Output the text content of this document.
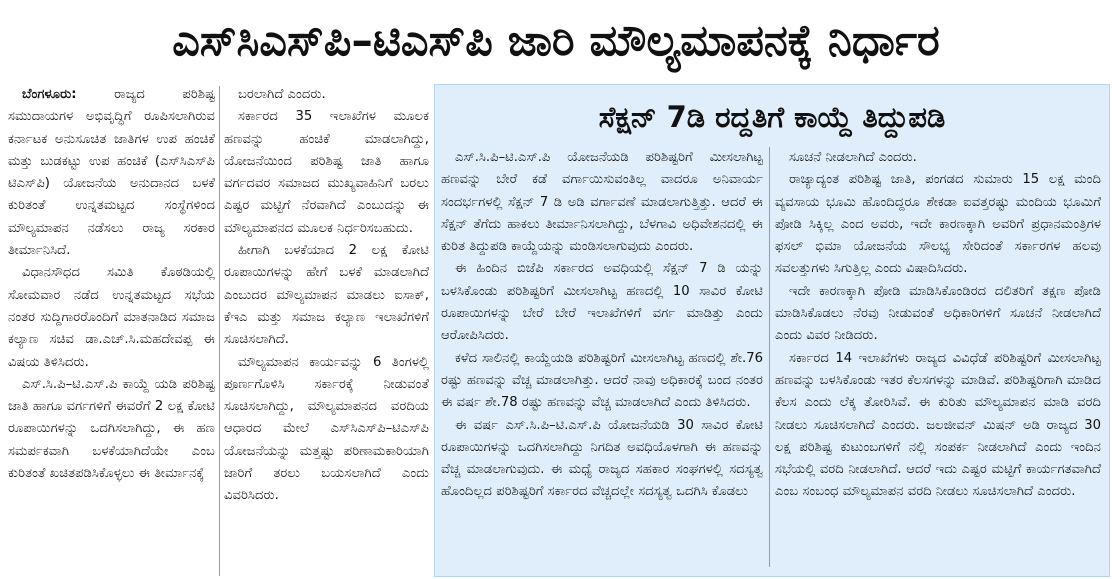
ಎಸ್‌ಸಿಎಸ್‌ಪಿ–ಟಿಎಸ್‌ಪಿ ಜಾರಿ ಮೌಲ್ಯಮಾಪನಕ್ಕೆ ನಿರ್ಧಾರ

ಬೆಂಗಳೂರು:	ರಾಜ್ಯದ ಪರಿಶಿಷ್ಟ ಸಮುದಾಯಗಳ ಅಭಿವೃದ್ಧಿಗೆ ರೂಪಿಸಲಾಗಿರುವ ಕರ್ನಾಟಕ ಅನುಸೂಚಿತ ಜಾತಿಗಳ ಉಪ ಹಂಚಿಕೆ ಮತ್ತು ಬುಡಕಟ್ಟು ಉಪ ಹಂಚಿಕೆ (ಎಸ್‌ಸಿಎಸ್‌ಪಿ ಟಿಎಸ್‌ಪಿ) ಯೋಜನೆಯ ಅನುದಾನದ ಬಳಕೆ ಕುರಿತಂತೆ ಉನ್ನತಮಟ್ಟದ ಸಂಸ್ಥೆಗಳಿಂದ ಮೌಲ್ಯಮಾಪನ ನಡೆಸಲು ರಾಜ್ಯ ಸರಕಾರ ತೀರ್ಮಾನಿಸಿದೆ.

ವಿಧಾನಸೌಧದ ಸಮಿತಿ ಕೊಠಡಿಯಲ್ಲಿ ಸೋಮವಾರ ನಡೆದ ಉನ್ನತಮಟ್ಟದ ಸಭೆಯ ನಂತರ ಸುದ್ದಿಗಾರರೊಂದಿಗೆ ಮಾತನಾಡಿದ ಸಮಾಜ ಕಲ್ಯಾಣ ಸಚಿವ ಡಾ.ಎಚ್.ಸಿ.ಮಹದೇವಪ್ಪ ಈ ವಿಷಯ ತಿಳಿಸಿದರು.

ಎಸ್.ಸಿ.ಪಿ–ಟಿ.ಎಸ್.ಪಿ ಕಾಯ್ದೆ ಯಡಿ ಪರಿಶಿಷ್ಟ ಜಾತಿ ಹಾಗೂ ವರ್ಗಗಳಿಗೆ ಈವರೆಗೆ 2 ಲಕ್ಷ ಕೋಟಿ ರೂಪಾಯಿಗಳನ್ನು ಒದಗಿಸಲಾಗಿದ್ದು, ಈ ಹಣ ಸಮರ್ಪಕವಾಗಿ ಬಳಕೆಯಾಗಿದೆಯೇ ಎಂಬ ಕುರಿತಂತೆ ಖಚಿತಪಡಿಸಿಕೊಳ್ಳಲು ಈ ತೀರ್ಮಾನಕ್ಕೆ

ಬರಲಾಗಿದೆ ಎಂದರು.

ಸರ್ಕಾರದ 35 ಇಲಾಖೆಗಳ ಮೂಲಕ ಹಣವನ್ನು ಹಂಚಿಕೆ ಮಾಡಲಾಗಿದ್ದು, ಯೋಜನೆಯಿಂದ ಪರಿಶಿಷ್ಟ ಜಾತಿ ಹಾಗೂ ವರ್ಗದವರ ಸಮಾಜದ ಮುಖ್ಯವಾಹಿನಿಗೆ ಬರಲು ಎಷ್ಟರ ಮಟ್ಟಿಗೆ ನೆರವಾಗಿದೆ ಎಂಬುದನ್ನು ಈ ಮೌಲ್ಯಮಾಪನದ ಮೂಲಕ ನಿರ್ಧರಿಸಬಹುದು.

ಹೀಗಾಗಿ ಬಳಕೆಯಾದ 2 ಲಕ್ಷ ಕೋಟಿ ರೂಪಾಯಿಗಳನ್ನು ಹೇಗೆ ಬಳಕೆ ಮಾಡಲಾಗಿದೆ ಎಂಬುದರ ಮೌಲ್ಯಮಾಪನ ಮಾಡಲು ಐಸಾಕ್, ಕೆಇಎ ಮತ್ತು ಸಮಾಜ ಕಲ್ಯಾಣ ಇಲಾಖೆಗಳಿಗೆ ಸೂಚಿಸಲಾಗಿದೆ.

ಮೌಲ್ಯಮಾಪನ ಕಾರ್ಯವನ್ನು 6 ತಿಂಗಳಲ್ಲಿ ಪೂರ್ಣಗೊಳಿಸಿ ಸರ್ಕಾರಕ್ಕೆ ನೀಡುವಂತೆ ಸೂಚಿಸಲಾಗಿದ್ದು, ಮೌಲ್ಯಮಾಪನದ ವರದಿಯ ಆಧಾರದ ಮೇಲೆ ಎಸ್‌ಸಿಎಸ್‌ಪಿ–ಟಿಎಸ್‌ಪಿ ಯೋಜನೆಯನ್ನು ಮತ್ತಷ್ಟು ಪರಿಣಾಮಕಾರಿಯಾಗಿ ಜಾರಿಗೆ ತರಲು ಬಯಸಲಾಗಿದೆ ಎಂದು ವಿವರಿಸಿದರು.

ಸೆಕ್ಷನ್ 7ಡಿ ರದ್ದತಿಗೆ ಕಾಯ್ದೆ ತಿದ್ದುಪಡಿ

ಎಸ್.ಸಿ.ಪಿ–ಟಿ.ಎಸ್.ಪಿ ಯೋಜನೆಯಡಿ ಪರಿಶಿಷ್ಟರಿಗೆ ಮೀಸಲಾಗಿಟ್ಟ ಹಣವನ್ನು ಬೇರೆ ಕಡೆ ವರ್ಗಾಯಿಸುವಂತಿಲ್ಲ ವಾದರೂ ಅನಿವಾರ್ಯ ಸಂದರ್ಭಗಳಲ್ಲಿ ಸೆಕ್ಷನ್ 7 ಡಿ ಅಡಿ ವರ್ಗಾವಣೆ ಮಾಡಲಾಗುತ್ತಿತ್ತು. ಆದರೆ ಈ ಸೆಕ್ಷನ್ ತೆಗೆದು ಹಾಕಲು ತೀರ್ಮಾನಿಸಲಾಗಿದ್ದು, ಬೆಳಗಾವಿ ಅಧಿವೇಶನದಲ್ಲಿ ಈ ಕುರಿತ ತಿದ್ದುಪಡಿ ಕಾಯ್ದೆಯನ್ನು ಮಂಡಿಸಲಾಗುವುದು ಎಂದರು.

ಈ ಹಿಂದಿನ ಬಿಜೆಪಿ ಸರ್ಕಾರದ ಅವಧಿಯಲ್ಲಿ ಸೆಕ್ಷನ್ 7 ಡಿ ಯನ್ನು ಬಳಸಿಕೊಂಡು ಪರಿಶಿಷ್ಟರಿಗೆ ಮೀಸಲಾಗಿಟ್ಟ ಹಣದಲ್ಲಿ 10 ಸಾವಿರ ಕೋಟಿ ರೂಪಾಯಿಗಳನ್ನು ಬೇರೆ ಬೇರೆ ಇಲಾಖೆಗಳಿಗೆ ವರ್ಗ ಮಾಡಿತ್ತು ಎಂದು ಆರೋಪಿಸಿದರು.

ಕಳೆದ ಸಾಲಿನಲ್ಲಿ ಕಾಯ್ದೆಯಡಿ ಪರಿಶಿಷ್ಟರಿಗೆ ಮೀಸಲಾಗಿಟ್ಟ ಹಣದಲ್ಲಿ ಶೇ.76 ರಷ್ಟು ಹಣವನ್ನು ವೆಚ್ಚ ಮಾಡಲಾಗಿತ್ತು. ಆದರೆ ನಾವು ಅಧಿಕಾರಕ್ಕೆ ಬಂದ ನಂತರ ಈ ವರ್ಷ ಶೇ.78 ರಷ್ಟು ಹಣವನ್ನು ವೆಚ್ಚ ಮಾಡಲಾಗಿದೆ ಎಂದು ತಿಳಿಸಿದರು.

ಈ ವರ್ಷ ಎಸ್.ಸಿ.ಪಿ–ಟಿ.ಎಸ್.ಪಿ ಯೋಜನೆಯಡಿ 30 ಸಾವಿರ ಕೋಟಿ ರೂಪಾಯಿಗಳನ್ನು ಒದಗಿಸಲಾಗಿದ್ದು ನಿಗದಿತ ಅವಧಿಯೊಳಗಾಗಿ ಈ ಹಣವನ್ನು ವೆಚ್ಚ ಮಾಡಲಾಗುವುದು. ಈ ಮಧ್ಯೆ ರಾಜ್ಯದ ಸಹಕಾರ ಸಂಘಗಳಲ್ಲಿ ಸದಸ್ಯತ್ವ ಹೊಂದಿಲ್ಲದ ಪರಿಶಿಷ್ಟರಿಗೆ ಸರ್ಕಾರದ ವೆಚ್ಚದಲ್ಲೇ ಸದಸ್ಯತ್ವ ಒದಗಿಸಿ ಕೊಡಲು

ಸೂಚನೆ ನೀಡಲಾಗಿದೆ ಎಂದರು.

ರಾಜ್ಯಾದ್ಯಂತ ಪರಿಶಿಷ್ಟ ಜಾತಿ, ಪಂಗಡದ ಸುಮಾರು 15 ಲಕ್ಷ ಮಂದಿ ವ್ಯವಸಾಯ ಭೂಮಿ ಹೊಂದಿದ್ದರೂ ಶೇಕಡಾ ಐವತ್ತರಷ್ಟು ಮಂದಿಯ ಭೂಮಿಗೆ ಪೋಡಿ ಸಿಕ್ಕಿಲ್ಲ ಎಂದ ಅವರು, ಇದೇ ಕಾರಣಕ್ಕಾಗಿ ಅವರಿಗೆ ಪ್ರಧಾನಮಂತ್ರಿಗಳ ಫಸಲ್ ಭಿಮಾ ಯೋಜನೆಯ ಸೌಲಭ್ಯ ಸೇರಿದಂತೆ ಸರ್ಕಾರಗಳ ಹಲವು ಸವಲತ್ತುಗಳು ಸಿಗುತ್ತಿಲ್ಲ ಎಂದು ವಿಷಾದಿಸಿದರು.

ಇದೇ ಕಾರಣಕ್ಕಾಗಿ ಪೋಡಿ ಮಾಡಿಸಿಕೊಂಡಿರದ ದಲಿತರಿಗೆ ತಕ್ಷಣ ಪೋಡಿ ಮಾಡಿಸಿಕೊಡಲು ನೆರವು ನೀಡುವಂತೆ ಅಧಿಕಾರಿಗಳಿಗೆ ಸೂಚನೆ ನೀಡಲಾಗಿದೆ ಎಂದು ವಿವರ ನೀಡಿದರು.

ಸರ್ಕಾರದ 14 ಇಲಾಖೆಗಳು ರಾಜ್ಯದ ವಿವಿಧೆಡೆ ಪರಿಶಿಷ್ಟರಿಗೆ ಮೀಸಲಾಗಿಟ್ಟ ಹಣವನ್ನು ಬಳಸಿಕೊಂಡು ಇತರ ಕೆಲಸಗಳನ್ನು ಮಾಡಿವೆ. ಪರಿಶಿಷ್ಟರಿಗಾಗಿ ಮಾಡಿದ ಕೆಲಸ ಎಂದು ಲೆಕ್ಕ ತೋರಿಸಿವೆ. ಈ ಕುರಿತು ಮೌಲ್ಯಮಾಪನ ಮಾಡಿ ವರದಿ ನೀಡಲು ಸೂಚಿಸಲಾಗಿದೆ ಎಂದರು. ಜಲಜೀವನ್ ಮಿಷನ್ ಅಡಿ ರಾಜ್ಯದ 30 ಲಕ್ಷ ಪರಿಶಿಷ್ಟ ಕುಟುಂಬಗಳಿಗೆ ನಲ್ಲಿ ಸಂಪರ್ಕ ನೀಡಲಾಗಿದೆ ಎಂದು ಇಂದಿನ ಸಭೆಯಲ್ಲಿ ವರದಿ ನೀಡಲಾಗಿದೆ. ಆದರೆ ಇದು ಎಷ್ಟರ ಮಟ್ಟಿಗೆ ಕಾರ್ಯಗತವಾಗಿದೆ ಎಂಬ ಸಂಬಂಧ ಮೌಲ್ಯಮಾಪನ ವರದಿ ನೀಡಲು ಸೂಚಿಸಲಾಗಿದೆ ಎಂದರು.
